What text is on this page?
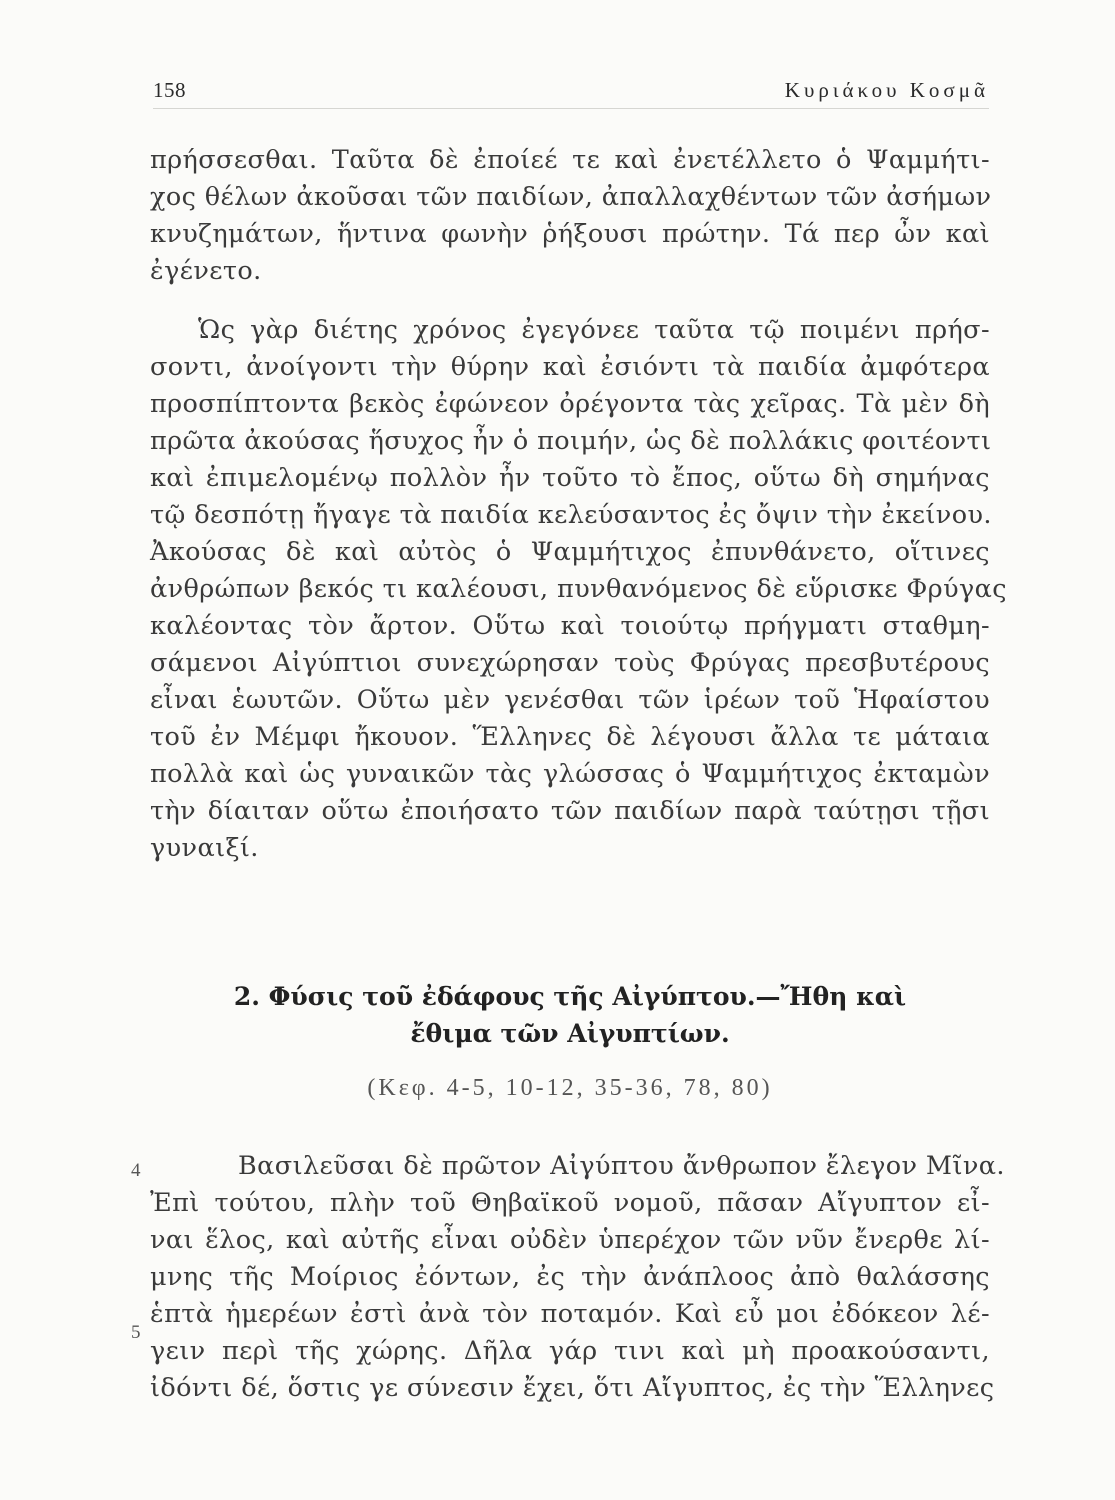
158	Κυριάκου Κοσμᾶ
πρήσσεσθαι. Ταῦτα δὲ ἐποίεέ τε καὶ ἐνετέλλετο ὁ Ψαμμήτι-
χος θέλων ἀκοῦσαι τῶν παιδίων, ἀπαλλαχθέντων τῶν ἀσήμων
κνυζημάτων, ἥντινα φωνὴν ῥήξουσι πρώτην. Τά περ ὦν καὶ
ἐγένετο.
Ὡς γὰρ διέτης χρόνος ἐγεγόνεε ταῦτα τῷ ποιμένι πρήσ-
σοντι, ἀνοίγοντι τὴν θύρην καὶ ἐσιόντι τὰ παιδία ἀμφότερα
προσπίπτοντα βεκὸς ἐφώνεον ὀρέγοντα τὰς χεῖρας. Τὰ μὲν δὴ
πρῶτα ἀκούσας ἥσυχος ἦν ὁ ποιμήν, ὡς δὲ πολλάκις φοιτέοντι
καὶ ἐπιμελομένῳ πολλὸν ἦν τοῦτο τὸ ἔπος, οὕτω δὴ σημήνας
τῷ δεσπότῃ ἤγαγε τὰ παιδία κελεύσαντος ἐς ὄψιν τὴν ἐκείνου.
Ἀκούσας δὲ καὶ αὐτὸς ὁ Ψαμμήτιχος ἐπυνθάνετο, οἵτινες
ἀνθρώπων βεκός τι καλέουσι, πυνθανόμενος δὲ εὕρισκε Φρύγας
καλέοντας τὸν ἄρτον. Οὕτω καὶ τοιούτῳ πρήγματι σταθμη-
σάμενοι Αἰγύπτιοι συνεχώρησαν τοὺς Φρύγας πρεσβυτέρους
εἶναι ἑωυτῶν. Οὕτω μὲν γενέσθαι τῶν ἱρέων τοῦ Ἡφαίστου
τοῦ ἐν Μέμφι ἤκουον. Ἕλληνες δὲ λέγουσι ἄλλα τε μάταια
πολλὰ καὶ ὡς γυναικῶν τὰς γλώσσας ὁ Ψαμμήτιχος ἐκταμὼν
τὴν δίαιταν οὕτω ἐποιήσατο τῶν παιδίων παρὰ ταύτῃσι τῇσι
γυναιξί.
2. Φύσις τοῦ ἐδάφους τῆς Αἰγύπτου.—Ἤθη καὶ
ἔθιμα τῶν Αἰγυπτίων.
(Κεφ. 4-5, 10-12, 35-36, 78, 80)
4
5
Βασιλεῦσαι δὲ πρῶτον Αἰγύπτου ἄνθρωπον ἔλεγον Μῖνα.
Ἐπὶ τούτου, πλὴν τοῦ Θηβαϊκοῦ νομοῦ, πᾶσαν Αἴγυπτον εἶ-
ναι ἕλος, καὶ αὐτῆς εἶναι οὐδὲν ὑπερέχον τῶν νῦν ἔνερθε λί-
μνης τῆς Μοίριος ἐόντων, ἐς τὴν ἀνάπλοος ἀπὸ θαλάσσης
ἑπτὰ ἡμερέων ἐστὶ ἀνὰ τὸν ποταμόν. Καὶ εὖ μοι ἐδόκεον λέ-
γειν περὶ τῆς χώρης. Δῆλα γάρ τινι καὶ μὴ προακούσαντι,
ἰδόντι δέ, ὅστις γε σύνεσιν ἔχει, ὅτι Αἴγυπτος, ἐς τὴν Ἕλληνες
